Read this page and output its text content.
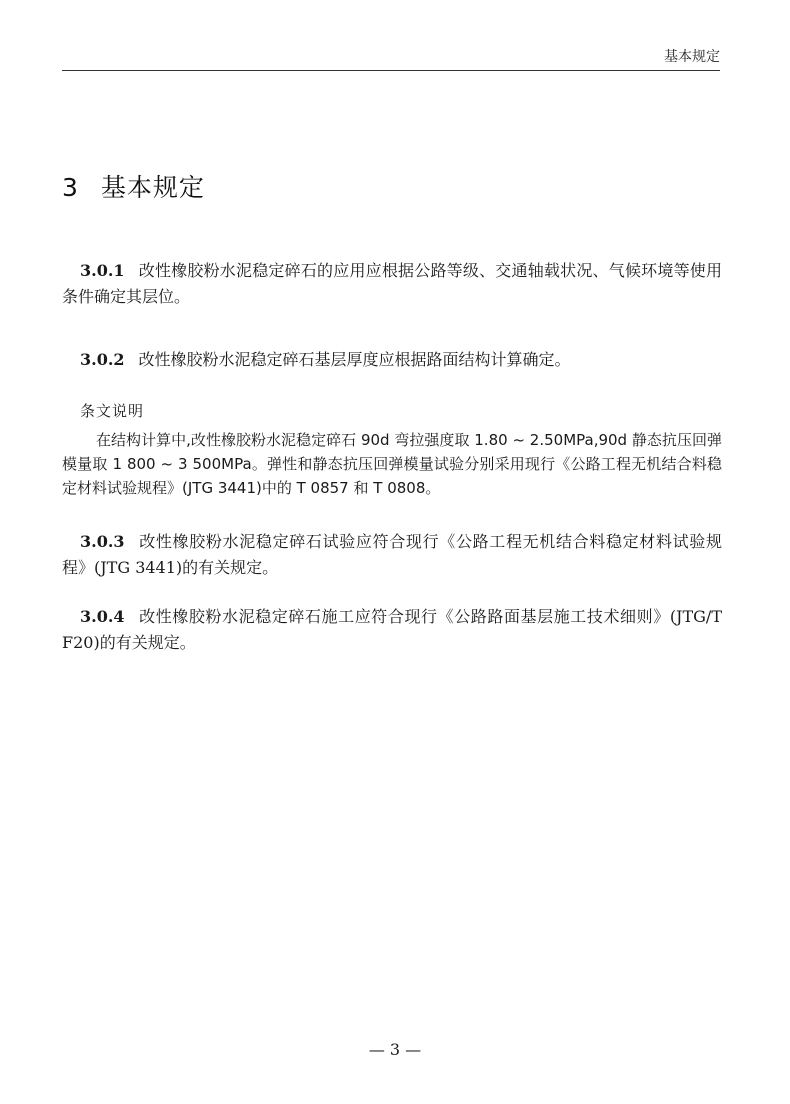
基本规定
3 基本规定

3.0.1 改性橡胶粉水泥稳定碎石的应用应根据公路等级、交通轴载状况、气候环境等使用条件确定其层位。

3.0.2 改性橡胶粉水泥稳定碎石基层厚度应根据路面结构计算确定。

条文说明

在结构计算中,改性橡胶粉水泥稳定碎石 90d 弯拉强度取 1.80 ~ 2.50MPa,90d 静态抗压回弹模量取 1 800 ~ 3 500MPa。弹性和静态抗压回弹模量试验分别采用现行《公路工程无机结合料稳定材料试验规程》(JTG 3441)中的 T 0857 和 T 0808。

3.0.3 改性橡胶粉水泥稳定碎石试验应符合现行《公路工程无机结合料稳定材料试验规程》(JTG 3441)的有关规定。

3.0.4 改性橡胶粉水泥稳定碎石施工应符合现行《公路路面基层施工技术细则》(JTG/T F20)的有关规定。

— 3 —
